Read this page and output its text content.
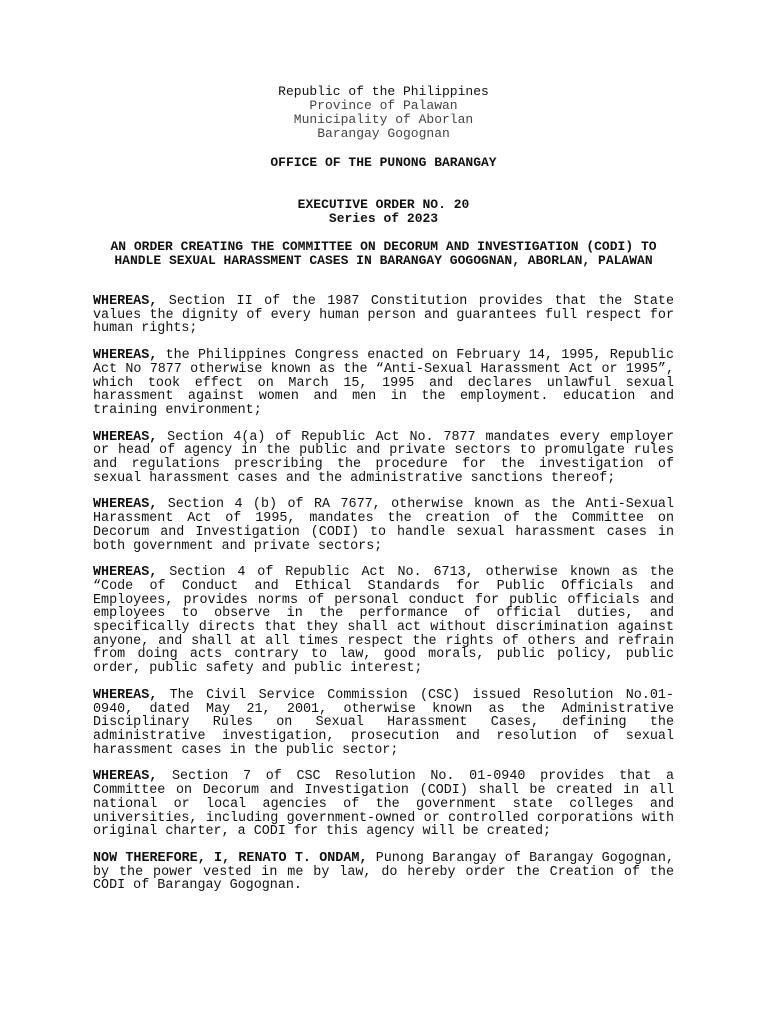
Republic of the Philippines
Province of Palawan
Municipality of Aborlan
Barangay Gogognan
OFFICE OF THE PUNONG BARANGAY
EXECUTIVE ORDER NO. 20
Series of 2023
AN ORDER CREATING THE COMMITTEE ON DECORUM AND INVESTIGATION (CODI) TO
HANDLE SEXUAL HARASSMENT CASES IN BARANGAY GOGOGNAN, ABORLAN, PALAWAN

WHEREAS, Section II of the 1987 Constitution provides that the State values the dignity of every human person and guarantees full respect for human rights;

WHEREAS, the Philippines Congress enacted on February 14, 1995, Republic Act No 7877 otherwise known as the “Anti-Sexual Harassment Act or 1995”, which took effect on March 15, 1995 and declares unlawful sexual harassment against women and men in the employment. education and training environment;

WHEREAS, Section 4(a) of Republic Act No. 7877 mandates every employer or head of agency in the public and private sectors to promulgate rules and regulations prescribing the procedure for the investigation of sexual harassment cases and the administrative sanctions thereof;

WHEREAS, Section 4 (b) of RA 7677, otherwise known as the Anti-Sexual Harassment Act of 1995, mandates the creation of the Committee on Decorum and Investigation (CODI) to handle sexual harassment cases in both government and private sectors;

WHEREAS, Section 4 of Republic Act No. 6713, otherwise known as the “Code of Conduct and Ethical Standards for Public Officials and Employees, provides norms of personal conduct for public officials and employees to observe in the performance of official duties, and specifically directs that they shall act without discrimination against anyone, and shall at all times respect the rights of others and refrain from doing acts contrary to law, good morals, public policy, public order, public safety and public interest;

WHEREAS, The Civil Service Commission (CSC) issued Resolution No.01-0940, dated May 21, 2001, otherwise known as the Administrative Disciplinary Rules on Sexual Harassment Cases, defining the administrative investigation, prosecution and resolution of sexual harassment cases in the public sector;

WHEREAS, Section 7 of CSC Resolution No. 01-0940 provides that a Committee on Decorum and Investigation (CODI) shall be created in all national or local agencies of the government state colleges and universities, including government-owned or controlled corporations with original charter, a CODI for this agency will be created;

NOW THEREFORE, I, RENATO T. ONDAM, Punong Barangay of Barangay Gogognan, by the power vested in me by law, do hereby order the Creation of the CODI of Barangay Gogognan.
